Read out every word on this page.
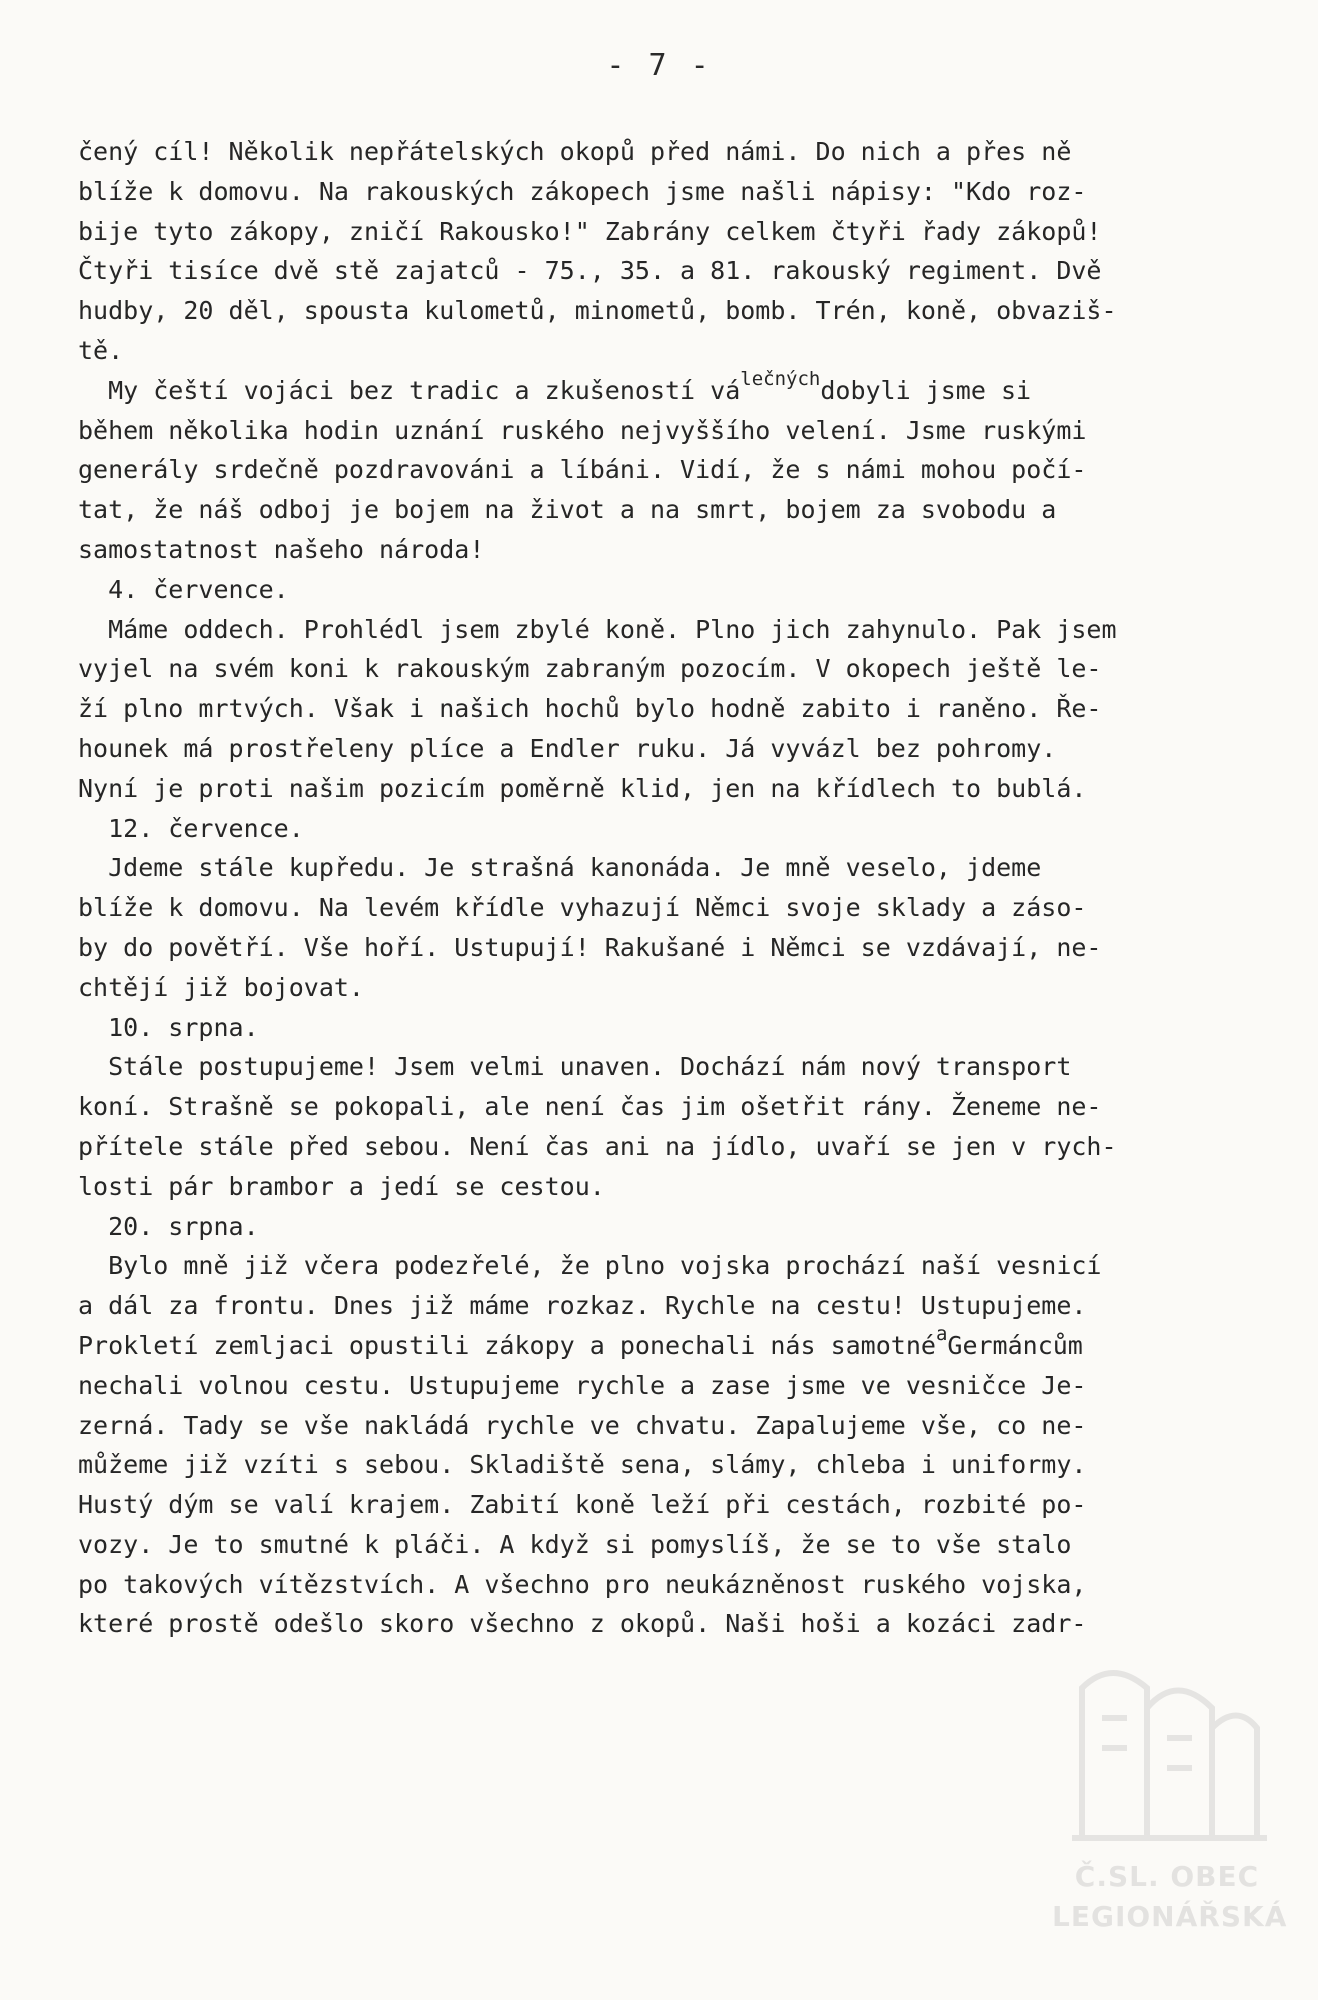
- 7 -
čený cíl! Několik nepřátelských okopů před námi. Do nich a přes ně
blíže k domovu. Na rakouských zákopech jsme našli nápisy: "Kdo roz-
bije tyto zákopy, zničí Rakousko!" Zabrány celkem čtyři řady zákopů!
Čtyři tisíce dvě stě zajatců - 75., 35. a 81. rakouský regiment. Dvě
hudby, 20 děl, spousta kulometů, minometů, bomb. Trén, koně, obvaziš-
tě.
My čeští vojáci bez tradic a zkušeností $vá^{lečných}dobyli$ jsme si
během několika hodin uznání ruského nejvyššího velení. Jsme ruskými
generály srdečně pozdravováni a líbáni. Vidí, že s námi mohou počí-
tat, že náš odboj je bojem na život a na smrt, bojem za svobodu a
samostatnost našeho národa!
4. července.
Máme oddech. Prohlédl jsem zbylé koně. Plno jich zahynulo. Pak jsem
vyjel na svém koni k rakouským zabraným pozocím. V okopech ještě le-
ží plno mrtvých. Však i našich hochů bylo hodně zabito i raněno. Ře-
hounek má prostřeleny plíce a Endler ruku. Já vyvázl bez pohromy.
Nyní je proti našim pozicím poměrně klid, jen na křídlech to bublá.
12. července.
Jdeme stále kupředu. Je strašná kanonáda. Je mně veselo, jdeme
blíže k domovu. Na levém křídle vyhazují Němci svoje sklady a záso-
by do povětří. Vše hoří. Ustupují! Rakušané i Němci se vzdávají, ne-
chtějí již bojovat.
10. srpna.
Stále postupujeme! Jsem velmi unaven. Dochází nám nový transport
koní. Strašně se pokopali, ale není čas jim ošetřit rány. Ženeme ne-
přítele stále před sebou. Není čas ani na jídlo, uvaří se jen v rych-
losti pár brambor a jedí se cestou.
20. srpna.
Bylo mně již včera podezřelé, že plno vojska prochází naší vesnicí
a dál za frontu. Dnes již máme rozkaz. Rychle na cestu! Ustupujeme.
Prokletí zemljaci opustili zákopy a ponechali nás samotné$^a$Germáncům
nechali volnou cestu. Ustupujeme rychle a zase jsme ve vesničce Je-
zerná. Tady se vše nakládá rychle ve chvatu. Zapalujeme vše, co ne-
můžeme již vzíti s sebou. Skladiště sena, slámy, chleba i uniformy.
Hustý dým se valí krajem. Zabití koně leží při cestách, rozbité po-
vozy. Je to smutné k pláči. A když si pomyslíš, že se to vše stalo
po takových vítězstvích. A všechno pro neukázněnost ruského vojska,
které prostě odešlo skoro všechno z okopů. Naši hoši a kozáci zadr-
Č.SL. OBEC
LEGIONÁŘSKÁ
